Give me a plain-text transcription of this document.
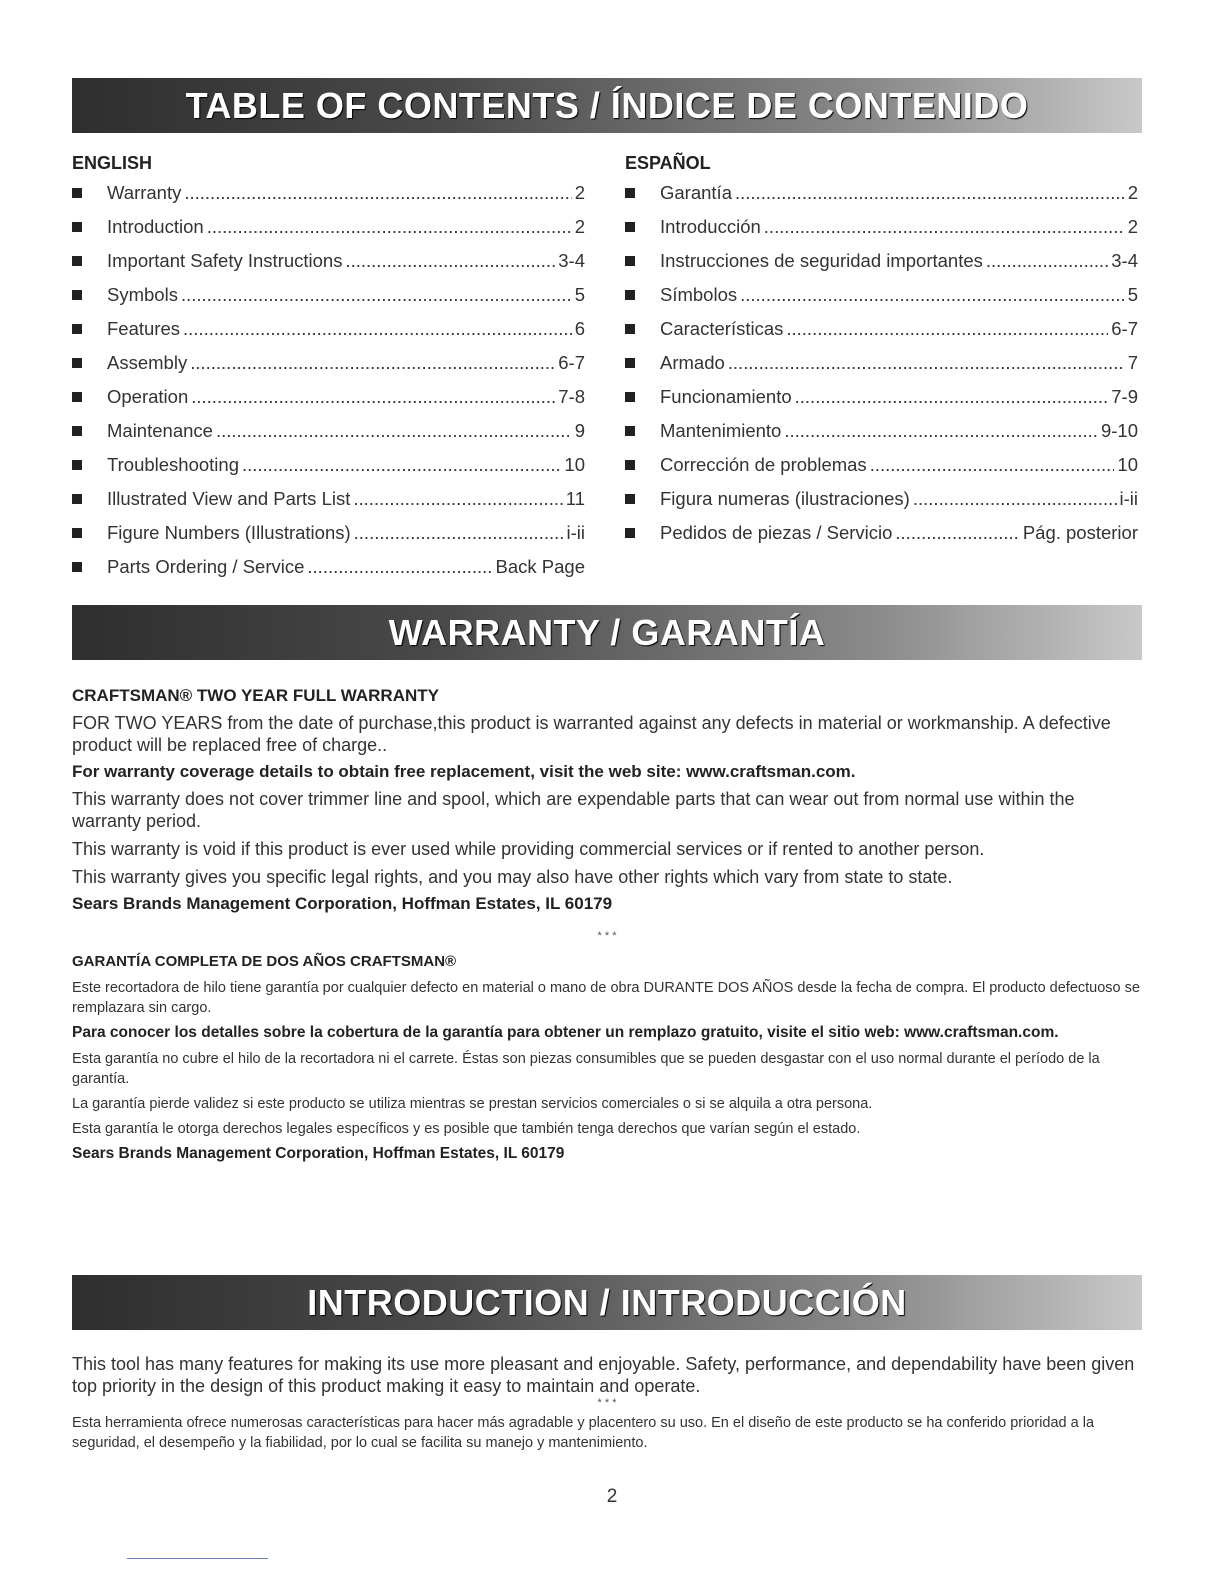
TABLE OF CONTENTS / ÍNDICE DE CONTENIDO
ENGLISH
Warranty .....	2
Introduction .....	2
Important Safety Instructions .....	3-4
Symbols .....	5
Features .....	6
Assembly .....	6-7
Operation .....	7-8
Maintenance .....	9
Troubleshooting .....	10
Illustrated View and Parts List .....	11
Figure Numbers (Illustrations) .....	i-ii
Parts Ordering / Service .....	Back Page
ESPAÑOL
Garantía .....	2
Introducción .....	2
Instrucciones de seguridad importantes .....	3-4
Símbolos .....	5
Características .....	6-7
Armado .....	7
Funcionamiento .....	7-9
Mantenimiento .....	9-10
Corrección de problemas .....	10
Figura numeras (ilustraciones) .....	i-ii
Pedidos de piezas / Servicio .....	Pág. posterior
WARRANTY / GARANTÍA

CRAFTSMAN® TWO YEAR FULL WARRANTY

FOR TWO YEARS from the date of purchase,this product is warranted against any defects in material or workmanship. A defective product will be replaced free of charge..

For warranty coverage details to obtain free replacement, visit the web site: www.craftsman.com.

This warranty does not cover trimmer line and spool, which are expendable parts that can wear out from normal use within the warranty period.

This warranty is void if this product is ever used while providing commercial services or if rented to another person.

This warranty gives you specific legal rights, and you may also have other rights which vary from state to state.

Sears Brands Management Corporation, Hoffman Estates, IL 60179

* * *

GARANTÍA COMPLETA DE DOS AÑOS CRAFTSMAN®

Este recortadora de hilo tiene garantía por cualquier defecto en material o mano de obra DURANTE DOS AÑOS desde la fecha de compra. El producto defectuoso se remplazara sin cargo.

Para conocer los detalles sobre la cobertura de la garantía para obtener un remplazo gratuito, visite el sitio web: www.craftsman.com.

Esta garantía no cubre el hilo de la recortadora ni el carrete. Éstas son piezas consumibles que se pueden desgastar con el uso normal durante el período de la garantía.

La garantía pierde validez si este producto se utiliza mientras se prestan servicios comerciales o si se alquila a otra persona.

Esta garantía le otorga derechos legales específicos y es posible que también tenga derechos que varían según el estado.

Sears Brands Management Corporation, Hoffman Estates, IL 60179

INTRODUCTION / INTRODUCCIÓN

This tool has many features for making its use more pleasant and enjoyable. Safety, performance, and dependability have been given top priority in the design of this product making it easy to maintain and operate.

* * *

Esta herramienta ofrece numerosas características para hacer más agradable y placentero su uso. En el diseño de este producto se ha conferido prioridad a la seguridad, el desempeño y la fiabilidad, por lo cual se facilita su manejo y mantenimiento.

2
